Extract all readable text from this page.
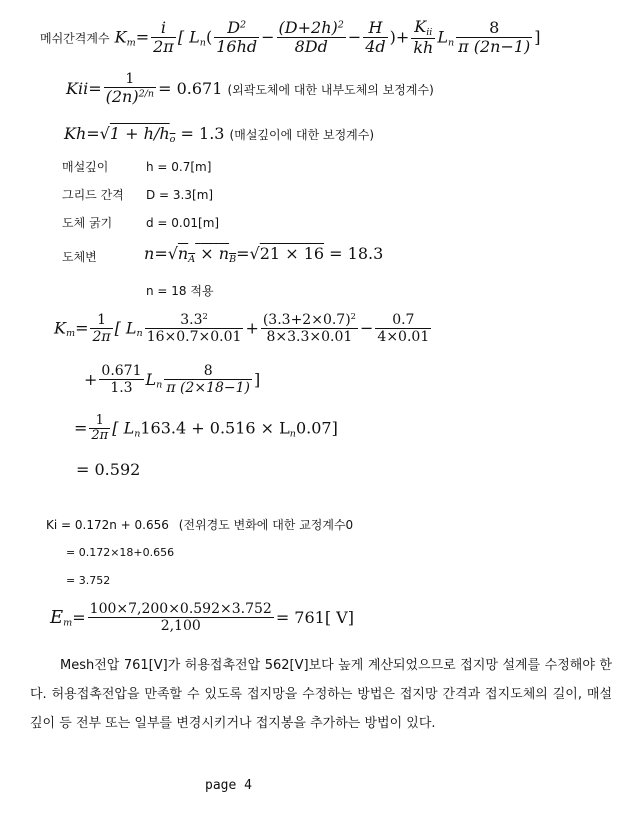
메쉬간격계수 $K_m= \frac{i}{2\pi}$ [ $L_n( \frac{D^2}{16hd} - \frac{(D+2h)^2}{8Dd} - \frac{H}{4d}$ )+ $\frac{K_{ii}}{kh} L_n \frac{8}{\pi (2n-1)}$ ]
$Kii= \frac{1}{(2n)^{2/n}} = 0.671$ (외곽도체에 대한 내부도체의 보정계수)
$Kh=√1 + h/h_o = 1.3$ (매설깊이에 대한 보정계수)
매설깊이	h = 0.7[m]
그리드 간격 D = 3.3[m]
도체 굵기	d = 0.01[m]
도체변	$n=√n_A \times n_B=√21 \times 16 = 18.3$
n = 18 적용
$K_m= \frac{1}{2\pi}$ [ $L_n \frac{3.3^2}{16\times 0.7\times 0.01} + \frac{(3.3+2\times 0.7)^2}{8\times 3.3\times 0.01} - \frac{0.7}{4\times 0.01}$
+ $\frac{0.671}{1.3} L_n \frac{8}{\pi (2\times 18-1)}$ ]
= $\frac{1}{2\pi}$ [ $L_n163.4 + 0.516 \times L_n0.07$]
= 0.592
Ki = 0.172n + 0.656 (전위경도 변화에 대한 교정계수0
= 0.172×18+0.656
= 3.752
$E_m= \frac{100\times 7,200\times 0.592\times 3.752}{2,100} = 761$[ V]
Mesh전압 761[V]가 허용접촉전압 562[V]보다 높게 계산되었으므로 접지망 설계를 수정해야 한다. 허용접촉전압을 만족할 수 있도록 접지망을 수정하는 방법은 접지망 간격과 접지도체의 길이, 매설깊이 등 전부 또는 일부를 변경시키거나 접지봉을 추가하는 방법이 있다.
page 4
